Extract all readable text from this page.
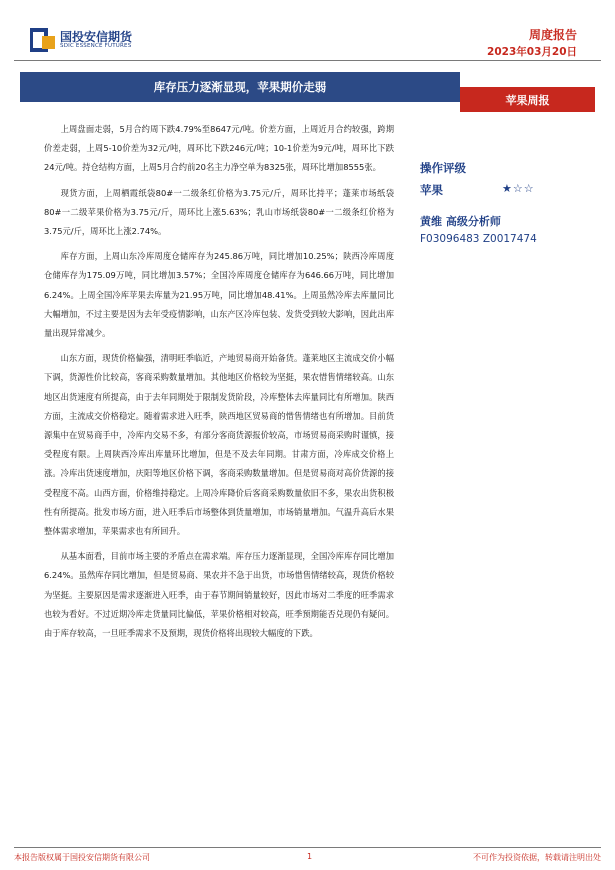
国投安信期货
SDIC ESSENCE FUTURES
周度报告
2023年03月20日
库存压力逐渐显现，苹果期价走弱
苹果周报

上周盘面走弱，5月合约周下跌4.79%至8647元/吨。价差方面，上周近月合约较强，跨期价差走弱，上周5-10价差为32元/吨，周环比下跌246元/吨；10-1价差为9元/吨，周环比下跌24元/吨。持仓结构方面，上周5月合约前20名主力净空单为8325张，周环比增加8555张。

现货方面，上周栖霞纸袋80#一二级条红价格为3.75元/斤，周环比持平；蓬莱市场纸袋80#一二级苹果价格为3.75元/斤，周环比上涨5.63%；乳山市场纸袋80#一二级条红价格为3.75元/斤，周环比上涨2.74%。

库存方面，上周山东冷库周度仓储库存为245.86万吨，同比增加10.25%；陕西冷库周度仓储库存为175.09万吨，同比增加3.57%；全国冷库周度仓储库存为646.66万吨，同比增加6.24%。上周全国冷库苹果去库量为21.95万吨，同比增加48.41%。上周虽然冷库去库量同比大幅增加，不过主要是因为去年受疫情影响，山东产区冷库包装、发货受到较大影响，因此出库量出现异常减少。

山东方面，现货价格偏强，清明旺季临近，产地贸易商开始备货。蓬莱地区主流成交价小幅下调，货源性价比较高，客商采购数量增加。其他地区价格较为坚挺，果农惜售情绪较高。山东地区出货速度有所提高，由于去年同期处于限制发货阶段，冷库整体去库量同比有所增加。陕西方面，主流成交价格稳定。随着需求进入旺季，陕西地区贸易商的惜售情绪也有所增加。目前货源集中在贸易商手中，冷库内交易不多，有部分客商货源报价较高，市场贸易商采购时谨慎，接受程度有限。上周陕西冷库出库量环比增加，但是不及去年同期。甘肃方面，冷库成交价格上涨。冷库出货速度增加，庆阳等地区价格下调，客商采购数量增加。但是贸易商对高价货源的接受程度不高。山西方面，价格维持稳定。上周冷库降价后客商采购数量依旧不多，果农出货积极性有所提高。批发市场方面，进入旺季后市场整体到货量增加，市场销量增加。气温升高后水果整体需求增加，苹果需求也有所回升。

从基本面看，目前市场主要的矛盾点在需求端。库存压力逐渐显现，全国冷库库存同比增加6.24%。虽然库存同比增加，但是贸易商、果农并不急于出货，市场惜售情绪较高，现货价格较为坚挺。主要原因是需求逐渐进入旺季，由于春节期间销量较好，因此市场对二季度的旺季需求也较为看好。不过近期冷库走货量同比偏低，苹果价格相对较高，旺季预期能否兑现仍有疑问。由于库存较高，一旦旺季需求不及预期，现货价格将出现较大幅度的下跌。

操作评级
苹果	★☆☆
黄维 高级分析师
F03096483 Z0017474
本报告版权属于国投安信期货有限公司	1	不可作为投资依据，转载请注明出处
